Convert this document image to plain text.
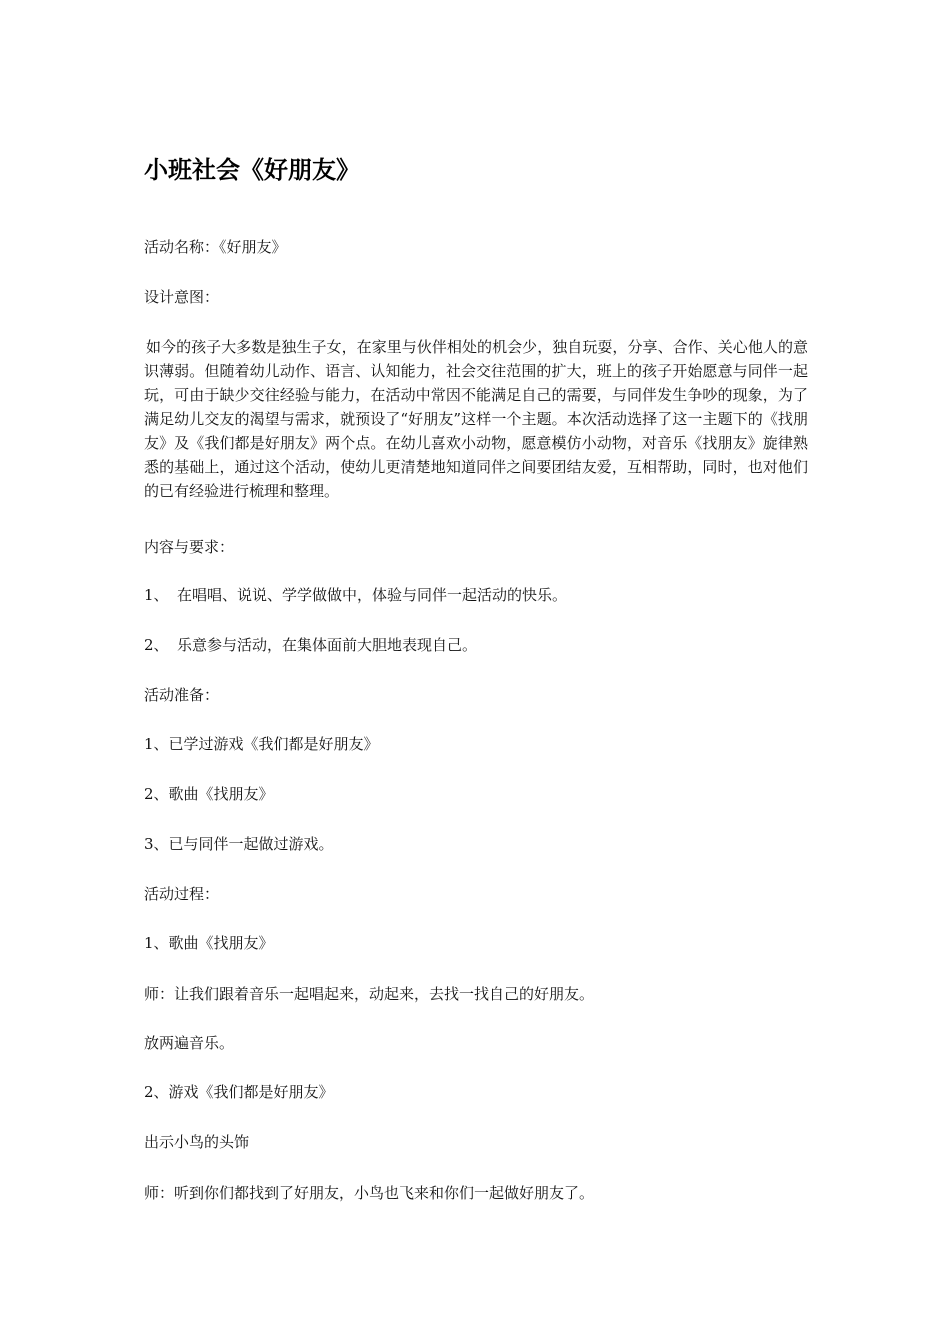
小班社会《好朋友》

活动名称：《好朋友》

设计意图：

如今的孩子大多数是独生子女，在家里与伙伴相处的机会少，独自玩耍，分享、合作、关心他人的意识薄弱。但随着幼儿动作、语言、认知能力，社会交往范围的扩大，班上的孩子开始愿意与同伴一起玩，可由于缺少交往经验与能力，在活动中常因不能满足自己的需要，与同伴发生争吵的现象，为了满足幼儿交友的渴望与需求，就预设了“好朋友”这样一个主题。本次活动选择了这一主题下的《找朋友》及《我们都是好朋友》两个点。在幼儿喜欢小动物，愿意模仿小动物，对音乐《找朋友》旋律熟悉的基础上，通过这个活动，使幼儿更清楚地知道同伴之间要团结友爱，互相帮助，同时，也对他们的已有经验进行梳理和整理。

内容与要求：

1、 在唱唱、说说、学学做做中，体验与同伴一起活动的快乐。

2、 乐意参与活动，在集体面前大胆地表现自己。

活动准备：

1、已学过游戏《我们都是好朋友》

2、歌曲《找朋友》

3、已与同伴一起做过游戏。

活动过程：

1、歌曲《找朋友》

师：让我们跟着音乐一起唱起来，动起来，去找一找自己的好朋友。

放两遍音乐。

2、游戏《我们都是好朋友》

出示小鸟的头饰

师：听到你们都找到了好朋友，小鸟也飞来和你们一起做好朋友了。
